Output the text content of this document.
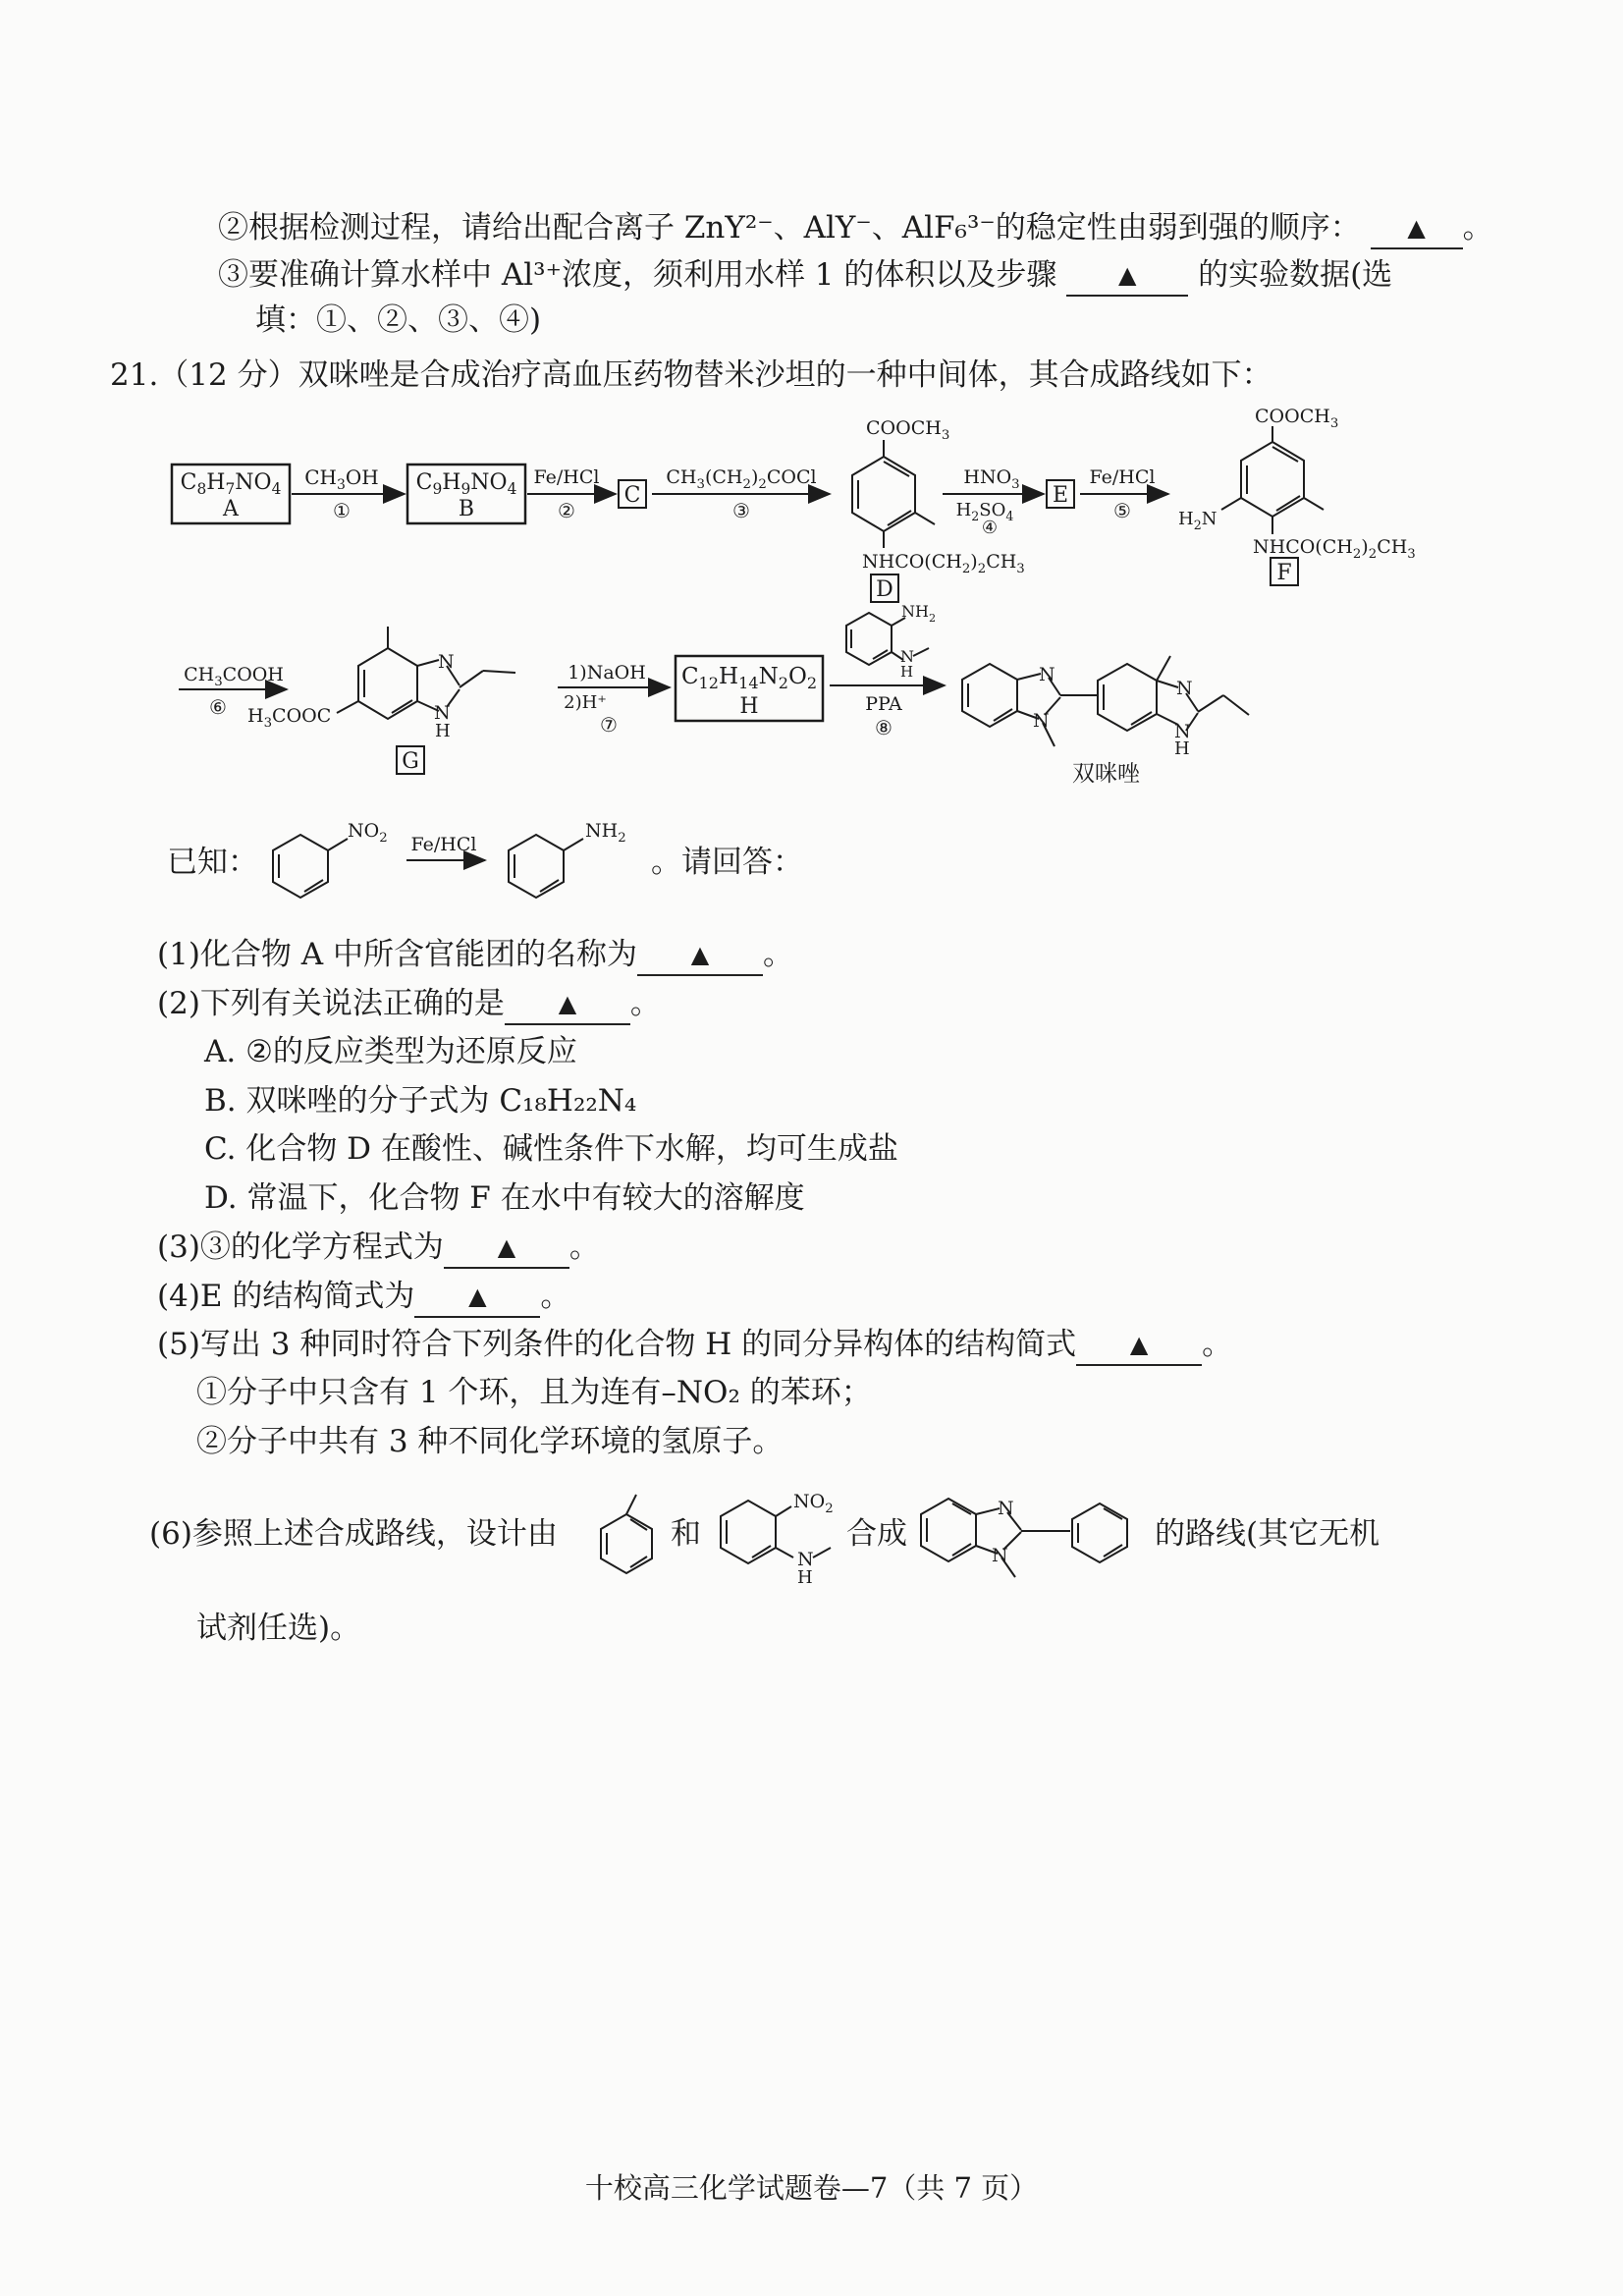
②根据检测过程，请给出配合离子 ZnY²⁻、AlY⁻、AlF₆³⁻的稳定性由弱到强的顺序： ▲ 。
③要准确计算水样中 Al³⁺浓度，须利用水样 1 的体积以及步骤	▲ 的实验数据(选
填：①、②、③、④)
21.（12 分）双咪唑是合成治疗高血压药物替米沙坦的一种中间体，其合成路线如下：
$C_8H_7NO_4$
A
$CH_3OH$
①
$C_9H_9NO_4$
B
Fe/HCl
②
C
$CH_3(CH_2)_2COCl$
③
$COOCH_3$
$NHCO(CH_2)_2CH_3$
D
$HNO_3$
$H_2SO_4$
④
E
Fe/HCl
⑤
$COOCH_3$
$H_2N$
$NHCO(CH_2)_2CH_3$
F
$CH_3COOH$
⑥
N
N
H
$H_3COOC$
G
1)NaOH
2)H⁺
⑦
$C_{12}H_{14}N_2O_2$
H
$NH_2$
N
H
PPA
⑧
N
N
N
N
H
双咪唑
$NO_2$ Fe/HCl
$NH_2$
已知：	。请回答：
(1)化合物 A 中所含官能团的名称为 ▲ 。
(2)下列有关说法正确的是 ▲ 。
A. ②的反应类型为还原反应
B. 双咪唑的分子式为 C₁₈H₂₂N₄
C. 化合物 D 在酸性、碱性条件下水解，均可生成盐
D. 常温下，化合物 F 在水中有较大的溶解度
(3)③的化学方程式为 ▲ 。
(4)E 的结构简式为 ▲ 。
(5)写出 3 种同时符合下列条件的化合物 H 的同分异构体的结构简式 ▲ 。
①分子中只含有 1 个环，且为连有–NO₂ 的苯环；
②分子中共有 3 种不同化学环境的氢原子。
(6)参照上述合成路线，设计由	和	合成	的路线(其它无机
试剂任选)。
$NO_2$
N
H
N
N
十校高三化学试题卷—7（共 7 页）
